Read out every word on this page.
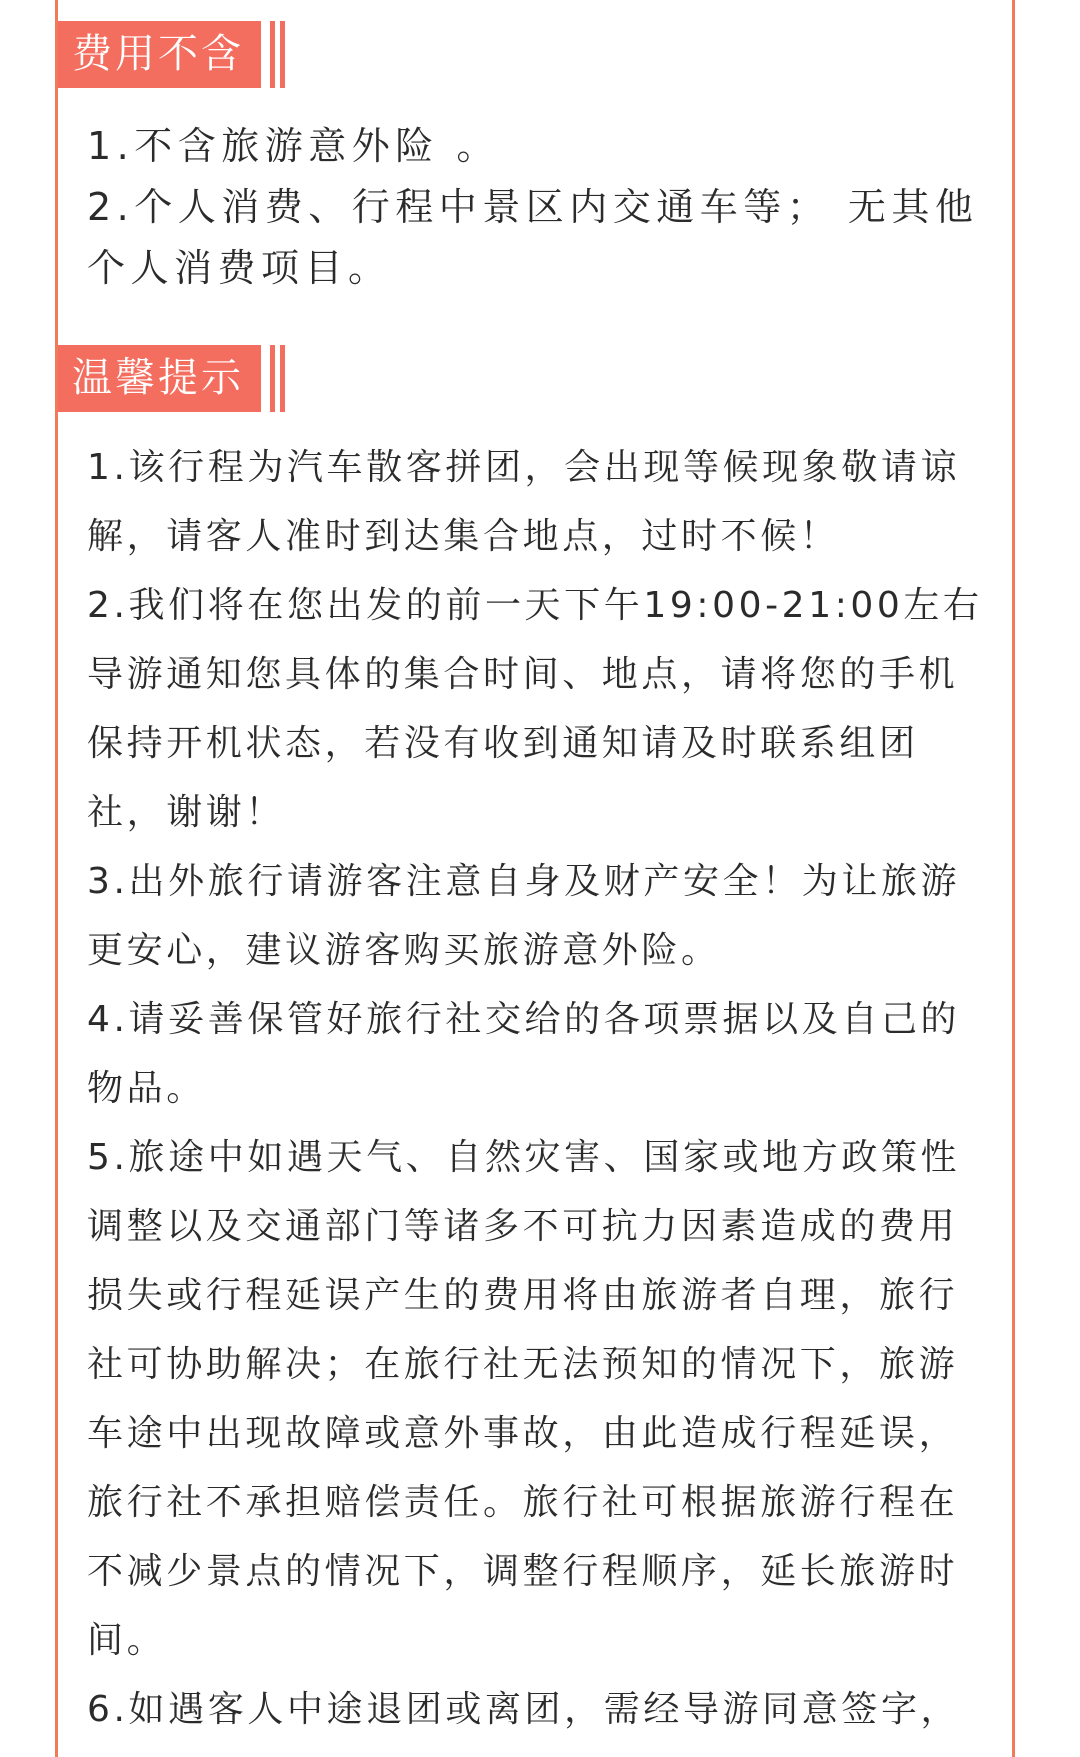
费用不含
1.不含旅游意外险 。
2.个人消费、行程中景区内交通车等； 无其他个人消费项目。
温馨提示
1.该行程为汽车散客拼团，会出现等候现象敬请谅解，请客人准时到达集合地点，过时不候！
2.我们将在您出发的前一天下午19:00-21:00左右导游通知您具体的集合时间、地点，请将您的手机保持开机状态，若没有收到通知请及时联系组团社，谢谢！
3.出外旅行请游客注意自身及财产安全！为让旅游更安心，建议游客购买旅游意外险。
4.请妥善保管好旅行社交给的各项票据以及自己的物品。
5.旅途中如遇天气、自然灾害、国家或地方政策性调整以及交通部门等诸多不可抗力因素造成的费用损失或行程延误产生的费用将由旅游者自理，旅行社可协助解决；在旅行社无法预知的情况下，旅游车途中出现故障或意外事故，由此造成行程延误，旅行社不承担赔偿责任。旅行社可根据旅游行程在不减少景点的情况下，调整行程顺序，延长旅游时间。
6.如遇客人中途退团或离团，需经导游同意签字，
